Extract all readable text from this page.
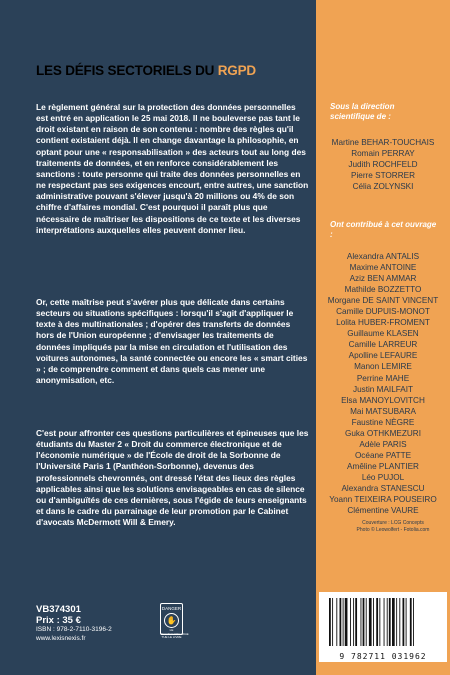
LES DÉFIS SECTORIELS DU RGPD
Le règlement général sur la protection des données personnelles est entré en application le 25 mai 2018. Il ne bouleverse pas tant le droit existant en raison de son contenu : nombre des règles qu'il contient existaient déjà. Il en change davantage la philosophie, en optant pour une « responsabilisation » des acteurs tout au long des traitements de données, et en renforce considérablement les sanctions : toute personne qui traite des données personnelles en ne respectant pas ses exigences encourt, entre autres, une sanction administrative pouvant s'élever jusqu'à 20 millions ou 4% de son chiffre d'affaires mondial. C'est pourquoi il paraît plus que nécessaire de maîtriser les dispositions de ce texte et les diverses interprétations auxquelles elles peuvent donner lieu.
Or, cette maîtrise peut s'avérer plus que délicate dans certains secteurs ou situations spécifiques : lorsqu'il s'agit d'appliquer le texte à des multinationales ; d'opérer des transferts de données hors de l'Union européenne ; d'envisager les traitements de données impliqués par la mise en circulation et l'utilisation des voitures autonomes, la santé connectée ou encore les « smart cities » ; de comprendre comment et dans quels cas mener une anonymisation, etc.
C'est pour affronter ces questions particulières et épineuses que les étudiants du Master 2 « Droit du commerce électronique et de l'économie numérique » de l'École de droit de la Sorbonne de l'Université Paris 1 (Panthéon-Sorbonne), devenus des professionnels chevronnés, ont dressé l'état des lieux des règles applicables ainsi que les solutions envisageables en cas de silence ou d'ambiguïtés de ces dernières, sous l'égide de leurs enseignants et dans le cadre du parrainage de leur promotion par le Cabinet d'avocats McDermott Will & Emery.
VB374301
Prix : 35 €
ISBN : 978-2-7110-3196-2
www.lexisnexis.fr
DANGER
✋
LE PHOTOCOPILLAGE TUE LE LIVRE
Sous la direction scientifique de :
Martine BEHAR-TOUCHAIS
Romain PERRAY
Judith ROCHFELD
Pierre STORRER
Célia ZOLYNSKI
Ont contribué à cet ouvrage :
Alexandra ANTALIS
Maxime ANTOINE
Aziz BEN AMMAR
Mathilde BOZZETTO
Morgane DE SAINT VINCENT
Camille DUPUIS-MONOT
Lolita HUBER-FROMENT
Guillaume KLASEN
Camille LARREUR
Apolline LEFAURE
Manon LEMIRE
Perrine MAHE
Justin MAILFAIT
Elsa MANOYLOVITCH
Mai MATSUBARA
Faustine NÈGRE
Guka OTHKMEZURI
Adèle PARIS
Océane PATTE
Amêline PLANTIER
Léo PUJOL
Alexandra STANESCU
Yoann TEIXEIRA POUSEIRO
Clémentine VAURE
Couverture : LCG Concepts
Photo © Leowolfert - Fotolia.com
9 782711 031962
